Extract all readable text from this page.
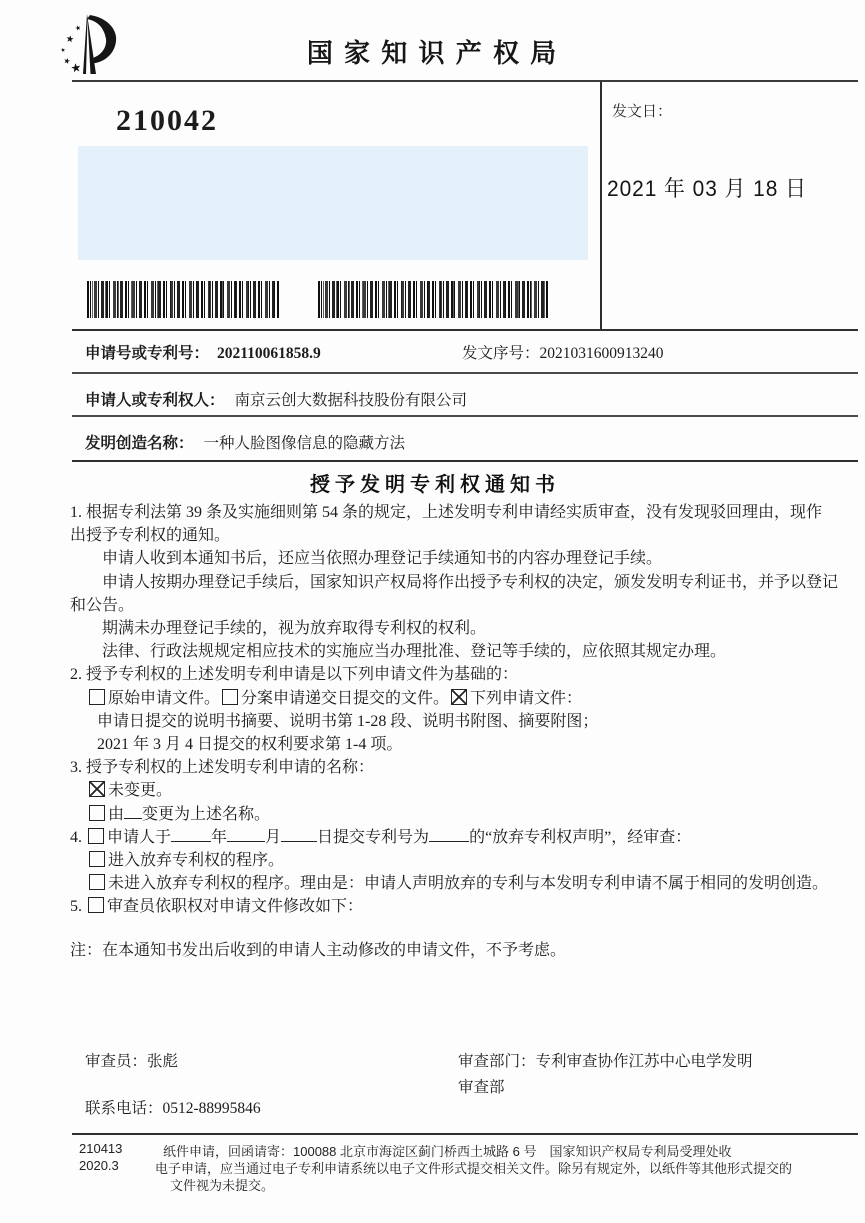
国 家 知 识 产 权 局
210042	发文日：
2021 年 03 月 18 日
申请号或专利号： 202110061858.9	发文序号：2021031600913240
申请人或专利权人： 南京云创大数据科技股份有限公司
发明创造名称： 一种人脸图像信息的隐藏方法
授 予 发 明 专 利 权 通 知 书
1. 根据专利法第 39 条及实施细则第 54 条的规定，上述发明专利申请经实质审查，没有发现驳回理由，现作
出授予专利权的通知。
申请人收到本通知书后，还应当依照办理登记手续通知书的内容办理登记手续。
申请人按期办理登记手续后，国家知识产权局将作出授予专利权的决定，颁发发明专利证书，并予以登记
和公告。
期满未办理登记手续的，视为放弃取得专利权的权利。
法律、行政法规规定相应技术的实施应当办理批准、登记等手续的，应依照其规定办理。
2. 授予专利权的上述发明专利申请是以下列申请文件为基础的：
原始申请文件。 分案申请递交日提交的文件。 下列申请文件：
申请日提交的说明书摘要、说明书第 1-28 段、说明书附图、摘要附图；
2021 年 3 月 4 日提交的权利要求第 1-4 项。
3. 授予专利权的上述发明专利申请的名称：
未变更。
由 变更为上述名称。
4. 申请人于	年 月 日提交专利号为	的“放弃专利权声明”，经审查：
进入放弃专利权的程序。
未进入放弃专利权的程序。理由是：申请人声明放弃的专利与本发明专利申请不属于相同的发明创造。
5. 审查员依职权对申请文件修改如下：
注：在本通知书发出后收到的申请人主动修改的申请文件，不予考虑。
审查员：张彪	审查部门：专利审查协作江苏中心电学发明
审查部
联系电话：0512-88995846
210413
2020.3
纸件申请，回函请寄：100088 北京市海淀区蓟门桥西土城路 6 号　国家知识产权局专利局受理处收
电子申请，应当通过电子专利申请系统以电子文件形式提交相关文件。除另有规定外，以纸件等其他形式提交的
文件视为未提交。
